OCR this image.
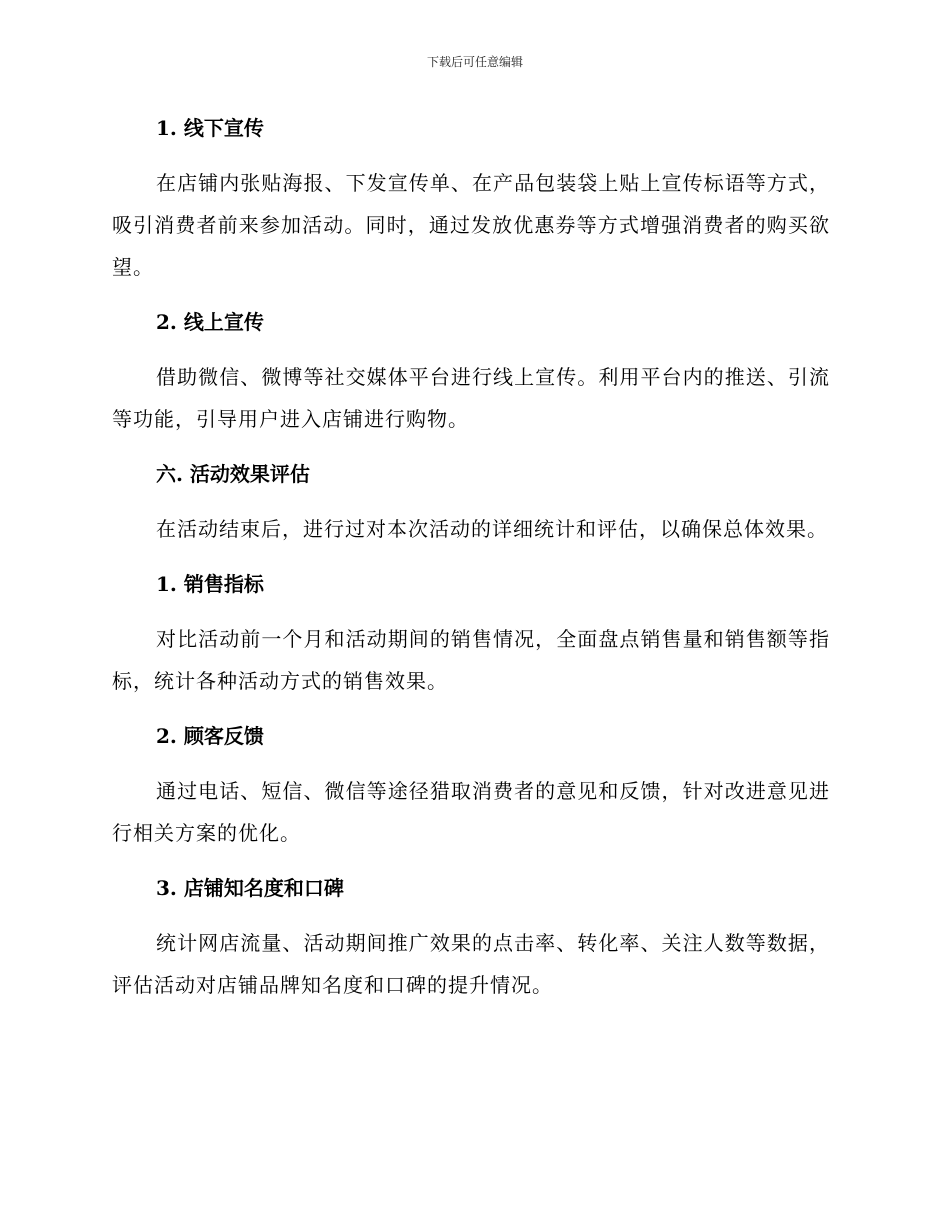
下载后可任意编辑
1. 线下宣传

在店铺内张贴海报、下发宣传单、在产品包装袋上贴上宣传标语等方式，吸引消费者前来参加活动。同时，通过发放优惠券等方式增强消费者的购买欲望。

2. 线上宣传

借助微信、微博等社交媒体平台进行线上宣传。利用平台内的推送、引流等功能，引导用户进入店铺进行购物。

六. 活动效果评估

在活动结束后，进行过对本次活动的详细统计和评估，以确保总体效果。

1. 销售指标

对比活动前一个月和活动期间的销售情况，全面盘点销售量和销售额等指标，统计各种活动方式的销售效果。

2. 顾客反馈

通过电话、短信、微信等途径猎取消费者的意见和反馈，针对改进意见进行相关方案的优化。

3. 店铺知名度和口碑

统计网店流量、活动期间推广效果的点击率、转化率、关注人数等数据，评估活动对店铺品牌知名度和口碑的提升情况。
